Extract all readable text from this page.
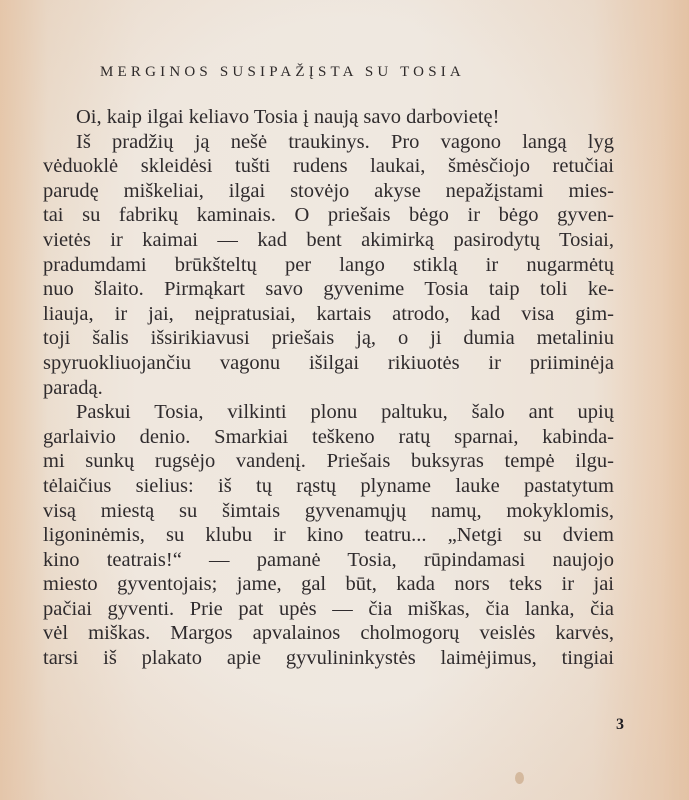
MERGINOS SUSIPAŽĮSTA SU TOSIA
Oi, kaip ilgai keliavo Tosia į naują savo darbovietę!
Iš pradžių ją nešė traukinys. Pro vagono langą lyg
vėduoklė skleidėsi tušti rudens laukai, šmėsčiojo retučiai
parudę miškeliai, ilgai stovėjo akyse nepažįstami mies-
tai su fabrikų kaminais. O priešais bėgo ir bėgo gyven-
vietės ir kaimai — kad bent akimirką pasirodytų Tosiai,
pradumdami brūkšteltų per lango stiklą ir nugarmėtų
nuo šlaito. Pirmąkart savo gyvenime Tosia taip toli ke-
liauja, ir jai, neįpratusiai, kartais atrodo, kad visa gim-
toji šalis išsirikiavusi priešais ją, o ji dumia metaliniu
spyruokliuojančiu vagonu išilgai rikiuotės ir priiminėja
paradą.
Paskui Tosia, vilkinti plonu paltuku, šalo ant upių
garlaivio denio. Smarkiai teškeno ratų sparnai, kabinda-
mi sunkų rugsėjo vandenį. Priešais buksyras tempė ilgu-
tėlaičius sielius: iš tų rąstų plyname lauke pastatytum
visą miestą su šimtais gyvenamųjų namų, mokyklomis,
ligoninėmis, su klubu ir kino teatru... „Netgi su dviem
kino teatrais!“ — pamanė Tosia, rūpindamasi naujojo
miesto gyventojais; jame, gal būt, kada nors teks ir jai
pačiai gyventi. Prie pat upės — čia miškas, čia lanka, čia
vėl miškas. Margos apvalainos cholmogorų veislės karvės,
tarsi iš plakato apie gyvulininkystės laimėjimus, tingiai
3
